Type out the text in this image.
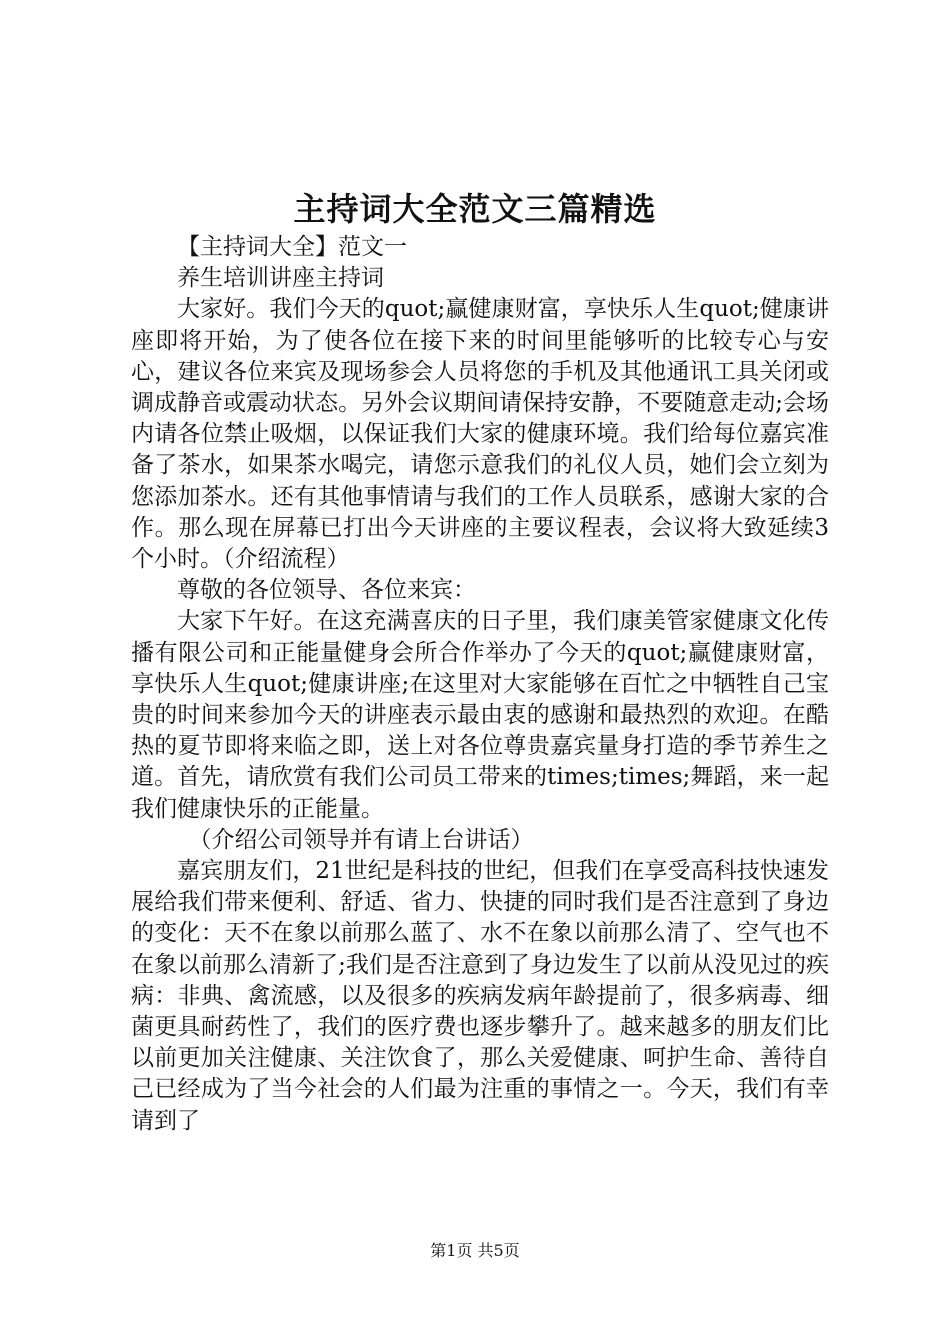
主持词大全范文三篇精选

【主持词大全】范文一

养生培训讲座主持词

大家好。我们今天的quot;赢健康财富，享快乐人生quot;健康讲座即将开始，为了使各位在接下来的时间里能够听的比较专心与安心，建议各位来宾及现场参会人员将您的手机及其他通讯工具关闭或调成静音或震动状态。另外会议期间请保持安静，不要随意走动;会场内请各位禁止吸烟，以保证我们大家的健康环境。我们给每位嘉宾准备了茶水，如果茶水喝完，请您示意我们的礼仪人员，她们会立刻为您添加茶水。还有其他事情请与我们的工作人员联系，感谢大家的合作。那么现在屏幕已打出今天讲座的主要议程表，会议将大致延续3个小时。（介绍流程）

尊敬的各位领导、各位来宾：

大家下午好。在这充满喜庆的日子里，我们康美管家健康文化传播有限公司和正能量健身会所合作举办了今天的quot;赢健康财富，享快乐人生quot;健康讲座;在这里对大家能够在百忙之中牺牲自己宝贵的时间来参加今天的讲座表示最由衷的感谢和最热烈的欢迎。在酷热的夏节即将来临之即，送上对各位尊贵嘉宾量身打造的季节养生之道。首先，请欣赏有我们公司员工带来的times;times;舞蹈，来一起我们健康快乐的正能量。

（介绍公司领导并有请上台讲话）

嘉宾朋友们，21世纪是科技的世纪，但我们在享受高科技快速发展给我们带来便利、舒适、省力、快捷的同时我们是否注意到了身边的变化：天不在象以前那么蓝了、水不在象以前那么清了、空气也不在象以前那么清新了;我们是否注意到了身边发生了以前从没见过的疾病：非典、禽流感，以及很多的疾病发病年龄提前了，很多病毒、细菌更具耐药性了，我们的医疗费也逐步攀升了。越来越多的朋友们比以前更加关注健康、关注饮食了，那么关爱健康、呵护生命、善待自己已经成为了当今社会的人们最为注重的事情之一。今天，我们有幸请到了

第1页 共5页
